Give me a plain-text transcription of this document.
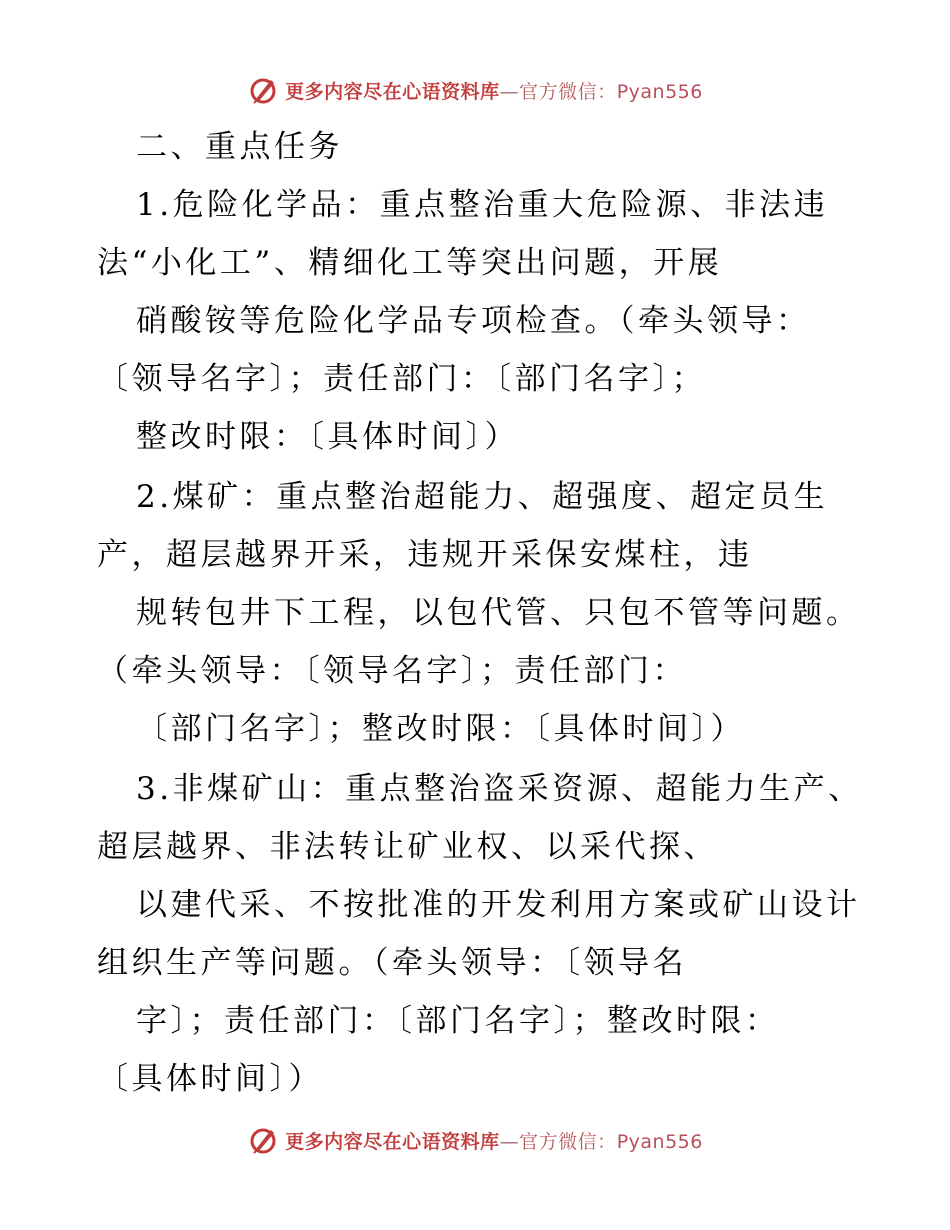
更多内容尽在心语资料库—官方微信：Pyan556
二、重点任务
1.危险化学品：重点整治重大危险源、非法违
法“小化工”、精细化工等突出问题，开展
硝酸铵等危险化学品专项检查。（牵头领导：
〔领导名字〕；责任部门：〔部门名字〕；
整改时限：〔具体时间〕）
2.煤矿：重点整治超能力、超强度、超定员生
产，超层越界开采，违规开采保安煤柱，违
规转包井下工程，以包代管、只包不管等问题。
（牵头领导：〔领导名字〕；责任部门：
〔部门名字〕；整改时限：〔具体时间〕）
3.非煤矿山：重点整治盗采资源、超能力生产、
超层越界、非法转让矿业权、以采代探、
以建代采、不按批准的开发利用方案或矿山设计
组织生产等问题。（牵头领导：〔领导名
字〕；责任部门：〔部门名字〕；整改时限：
〔具体时间〕）
更多内容尽在心语资料库—官方微信：Pyan556
